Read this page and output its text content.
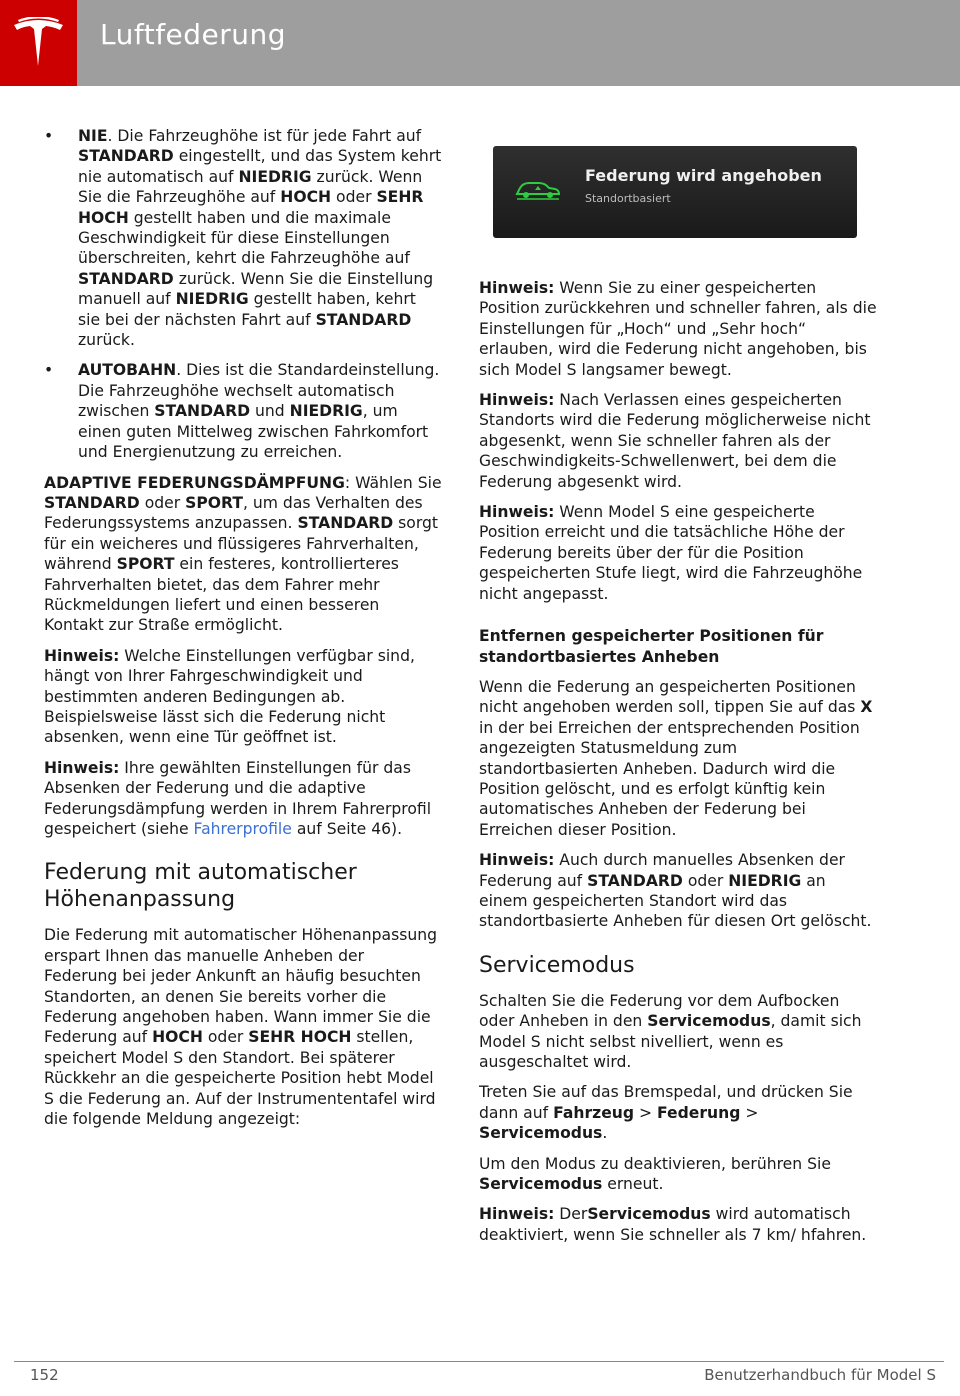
Luftfederung
• NIE. Die Fahrzeughöhe ist für jede Fahrt auf STANDARD eingestellt, und das System kehrt nie automatisch auf NIEDRIG zurück. Wenn Sie die Fahrzeughöhe auf HOCH oder SEHR HOCH gestellt haben und die maximale Geschwindigkeit für diese Einstellungen überschreiten, kehrt die Fahrzeughöhe auf STANDARD zurück. Wenn Sie die Einstellung manuell auf NIEDRIG gestellt haben, kehrt sie bei der nächsten Fahrt auf STANDARD zurück.
• AUTOBAHN. Dies ist die Standardeinstellung. Die Fahrzeughöhe wechselt automatisch zwischen STANDARD und NIEDRIG, um einen guten Mittelweg zwischen Fahrkomfort und Energienutzung zu erreichen.

ADAPTIVE FEDERUNGSDÄMPFUNG: Wählen Sie STANDARD oder SPORT, um das Verhalten des Federungssystems anzupassen. STANDARD sorgt für ein weicheres und flüssigeres Fahrverhalten, während SPORT ein festeres, kontrollierteres Fahrverhalten bietet, das dem Fahrer mehr Rückmeldungen liefert und einen besseren Kontakt zur Straße ermöglicht.

Hinweis: Welche Einstellungen verfügbar sind, hängt von Ihrer Fahrgeschwindigkeit und bestimmten anderen Bedingungen ab. Beispielsweise lässt sich die Federung nicht absenken, wenn eine Tür geöffnet ist.

Hinweis: Ihre gewählten Einstellungen für das Absenken der Federung und die adaptive Federungsdämpfung werden in Ihrem Fahrerprofil gespeichert (siehe Fahrerprofile auf Seite 46).

Federung mit automatischer Höhenanpassung

Die Federung mit automatischer Höhenanpassung erspart Ihnen das manuelle Anheben der Federung bei jeder Ankunft an häufig besuchten Standorten, an denen Sie bereits vorher die Federung angehoben haben. Wann immer Sie die Federung auf HOCH oder SEHR HOCH stellen, speichert Model S den Standort. Bei späterer Rückkehr an die gespeicherte Position hebt Model S die Federung an. Auf der Instrumententafel wird die folgende Meldung angezeigt:

Federung wird angehoben
Standortbasiert

Hinweis: Wenn Sie zu einer gespeicherten Position zurückkehren und schneller fahren, als die Einstellungen für „Hoch“ und „Sehr hoch“ erlauben, wird die Federung nicht angehoben, bis sich Model S langsamer bewegt.

Hinweis: Nach Verlassen eines gespeicherten Standorts wird die Federung möglicherweise nicht abgesenkt, wenn Sie schneller fahren als der Geschwindigkeits-Schwellenwert, bei dem die Federung abgesenkt wird.

Hinweis: Wenn Model S eine gespeicherte Position erreicht und die tatsächliche Höhe der Federung bereits über der für die Position gespeicherten Stufe liegt, wird die Fahrzeughöhe nicht angepasst.

Entfernen gespeicherter Positionen für standortbasiertes Anheben

Wenn die Federung an gespeicherten Positionen nicht angehoben werden soll, tippen Sie auf das X in der bei Erreichen der entsprechenden Position angezeigten Statusmeldung zum standortbasierten Anheben. Dadurch wird die Position gelöscht, und es erfolgt künftig kein automatisches Anheben der Federung bei Erreichen dieser Position.

Hinweis: Auch durch manuelles Absenken der Federung auf STANDARD oder NIEDRIG an einem gespeicherten Standort wird das standortbasierte Anheben für diesen Ort gelöscht.

Servicemodus

Schalten Sie die Federung vor dem Aufbocken oder Anheben in den Servicemodus, damit sich Model S nicht selbst nivelliert, wenn es ausgeschaltet wird.

Treten Sie auf das Bremspedal, und drücken Sie dann auf Fahrzeug > Federung > Servicemodus.

Um den Modus zu deaktivieren, berühren Sie Servicemodus erneut.

Hinweis: DerServicemodus wird automatisch deaktiviert, wenn Sie schneller als 7 km/ hfahren.

152	Benutzerhandbuch für Model S
